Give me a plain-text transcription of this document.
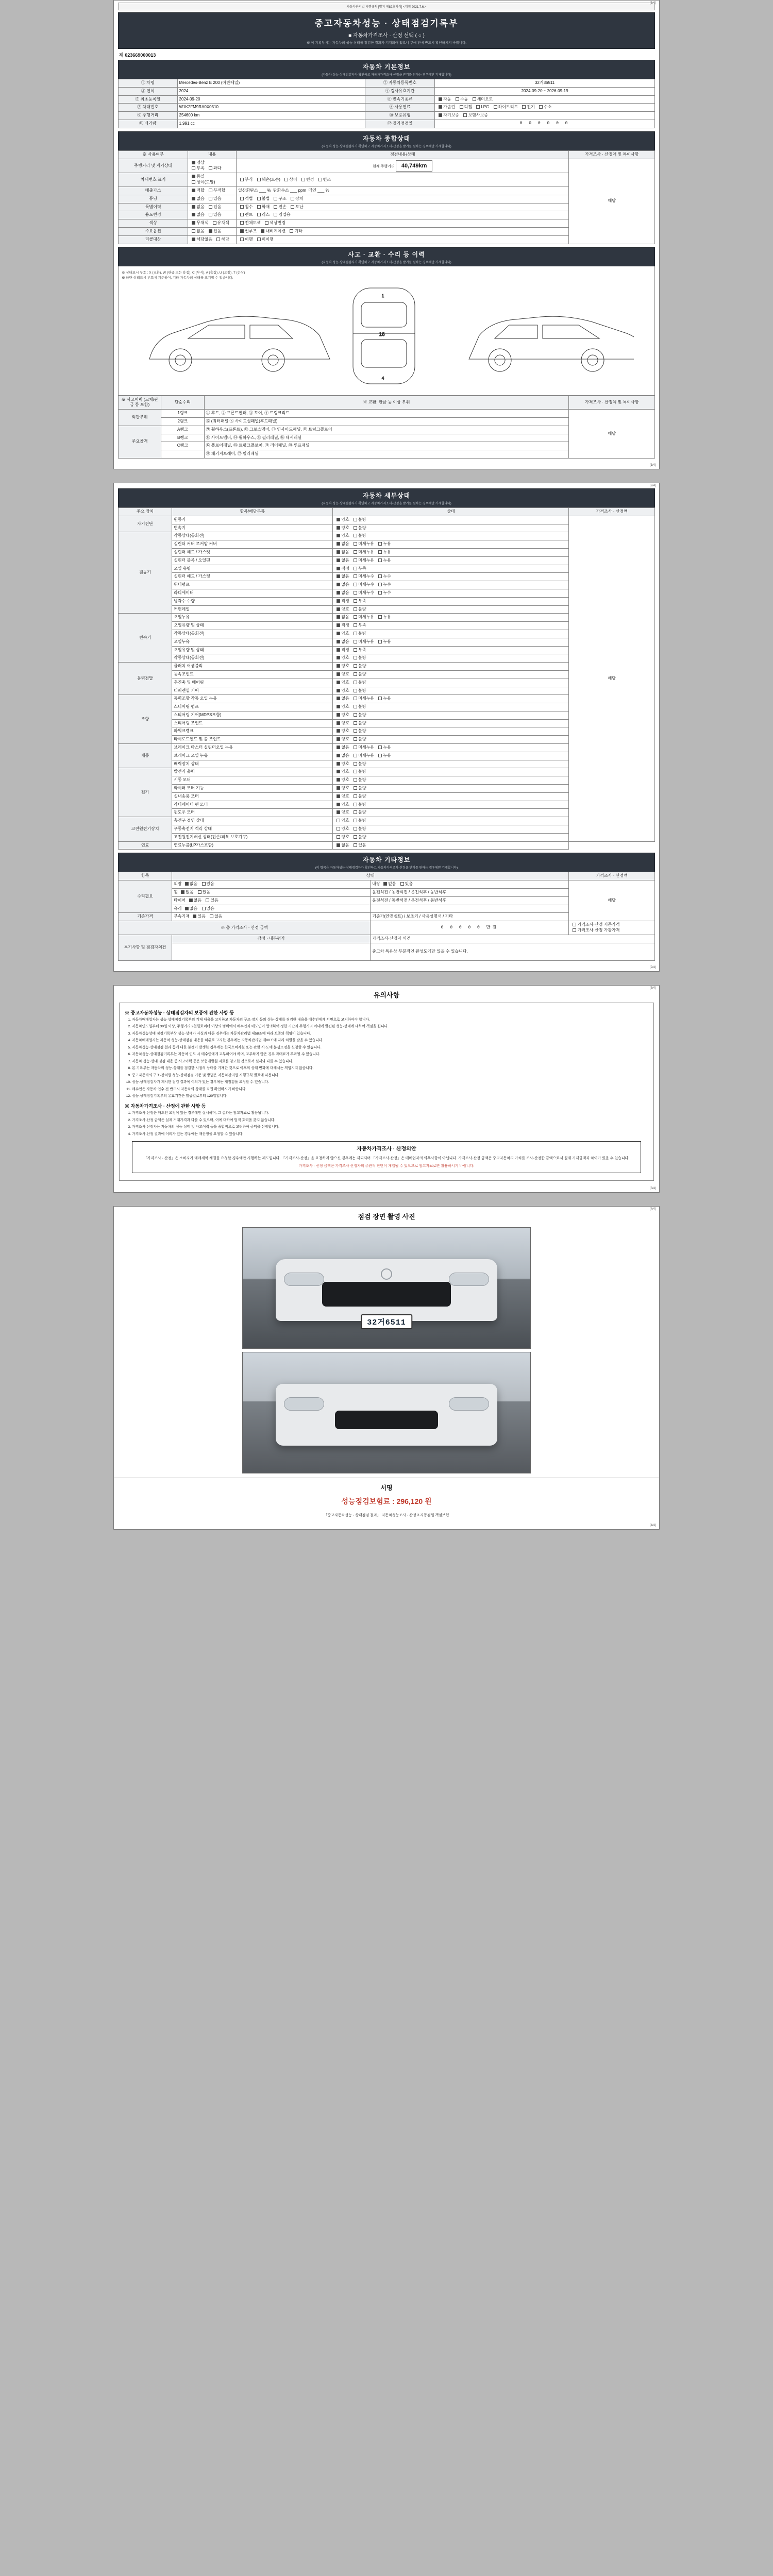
(1/4)
자동차관리법 시행규칙 [별지 제82호서식] <개정 2021.7.6.>
중고자동차성능 · 상태점검기록부
■ 자동차가격조사 · 산정 선택 ( ○ )
※ 이 기록부에는 자동차의 성능·상태를 점검한 결과가 기재되어 있으니 구매 전에 반드시 확인하시기 바랍니다.
제 023669000013
자동차 기본정보
(자동차 성능·상태점검자가 확인하고 자동차가격조사·산정을 받기를 원하는 경우에만 기재합니다)
① 차명	Mercedes-Benz E 200 (아반떼일)	② 자동차등록번호	32거36511
③ 연식	2024	④ 검사유효기간	2024-09-20 ~ 2026-09-19
⑤ 최초등록일	2024-09-20	⑥ 변속기종류	자동 수동 세미오토
⑦ 차대번호	W1K2FM9RA0X0510	⑧ 사용연료	가솔린 디젤 LPG 하이브리드 전기 수소
⑨ 주행거리	254600 km	⑩ 보증유형	자기보증 보험사보증
⑪ 배기량	1,991 cc	⑫ 정기점검일	0 0 0 0 0 0
자동차 종합상태
(자동차 성능·상태점검자가 확인하고 자동차가격조사·산정을 받기를 원하는 경우에만 기재합니다)
※ 사용여부	내용	점검내용/상태	가격조사 · 산정액 및 특이사항
주행거리 및 계기상태	정상
부족 과다	현재 주행거리 40,749km	해당
차대번호 표기	동일
상이(도말)	부식 훼손(오손) 상이 변경 변조	
배출가스	적합 부적합	일산화탄소 ___ % 탄화수소 ___ ppm 매연 ___ %	
튜닝	없음 있음	적법 불법 구조 장치	
특별이력	없음 있음	침수 화재 전손 도난	
용도변경	없음 있음	렌트 리스 영업용	
색상	무채색 유채색	전체도색 색상변경	
주요옵션	없음 있음	썬루프 내비게이션 기타	
리콜대상	해당없음 해당	이행 미이행	
사고 · 교환 · 수리 등 이력
(자동차 성능·상태점검자가 확인하고 자동차가격조사·산정을 받기를 원하는 경우에만 기재합니다)
※ 상태표시 부호 : X (교환), W (판금 또는 용접), C (부식), A (흠집), U (요철), T (손상)
※ 하단 상태표시 부호에 기준하여, 기타 자동차의 상태를 표기할 수 있습니다.
16
1
4
※ 사고이력 (교체/판금 등 포함)	단순수리	※ 교환, 판금 등 이상 부위	가격조사 · 산정액 및 특이사항
외판부위	1랭크	① 후드, ② 프론트펜더, ③ 도어, ④ 트렁크리드	해당
	2랭크	⑤ (쿼터패널 ⑥ 사이드실패널(후드패널)	
주요골격	A랭크	⑨ 휠하우스(프론트), ⑩ 크로스멤버, ⑪ 인사이드패널, ⑫ 트렁크플로어	
	B랭크	⑬ 사이드멤버, ⑭ 휠하우스, ⑮ 필러패널, ⑯ 대시패널	
	C랭크	⑰ 플로어패널, ⑱ 트렁크플로어, ⑲ 리어패널, ⑳ 루프패널	
		㉑ 패키지트레이, ㉒ 필러패널	
(1/4)
(2/4)
자동차 세부상태
(자동차 성능·상태점검자가 확인하고 자동차가격조사·산정을 받기를 원하는 경우에만 기재합니다)
주요 장치	항목/해당부품	상태	가격조사 · 산정액
자기진단	원동기	양호 불량	해당
	변속기	양호 불량	
원동기	작동상태(공회전)	양호 불량	
	실린더 커버 로커암 커버	없음 미세누유 누유	
	실린더 헤드 / 가스켓	없음 미세누유 누유	
	실린더 블록 / 오일팬	없음 미세누유 누유	
	오일 유량	적정 부족	
	실린더 헤드 / 가스켓	없음 미세누수 누수	
	워터펌프	없음 미세누수 누수	
	라디에이터	없음 미세누수 누수	
	냉각수 수량	적정 부족	
	커먼레일	양호 불량	
변속기	오일누유	없음 미세누유 누유	
	오일유량 및 상태	적정 부족	
	작동상태(공회전)	양호 불량	
	오일누유	없음 미세누유 누유	
	오일유량 및 상태	적정 부족	
	작동상태(공회전)	양호 불량	
동력전달	클러치 어셈블리	양호 불량	
	등속조인트	양호 불량	
	추진축 및 베어링	양호 불량	
	디퍼렌셜 기어	양호 불량	
조향	동력조향 작동 오일 누유	없음 미세누유 누유	
	스티어링 펌프	양호 불량	
	스티어링 기어(MDPS포함)	양호 불량	
	스티어링 조인트	양호 불량	
	파워크랭크	양호 불량	
	타이로드엔드 및 볼 조인트	양호 불량	
제동	브레이크 마스터 실린더오일 누유	없음 미세누유 누유	
	브레이크 오일 누유	없음 미세누유 누유	
	배력장치 상태	양호 불량	
전기	발전기 출력	양호 불량	
	시동 모터	양호 불량	
	와이퍼 모터 기능	양호 불량	
	실내송풍 모터	양호 불량	
	라디에이터 팬 모터	양호 불량	
	윈도우 모터	양호 불량	
고전원전기장치	충전구 절연 상태	양호 불량	
	구동축전지 격리 상태	양호 불량	
	고전원전기배선 상태(접손/피복 보호기구)	양호 불량	
연료	연료누출(LP가스포함)	없음 있음	
자동차 기타정보
(이 항목은 자동차성능·상태점검자가 확인하고 자동차가격조사·산정을 받기를 원하는 경우에만 기재합니다)
항목	상태		가격조사 · 산정액
수리필요	외장 없음 있음	내장 없음 있음	해당
	휠 없음 있음	운전석전 / 동반석전 / 운전석후 / 동반석후	
	타이어 없음 있음	운전석전 / 동반석전 / 운전석후 / 동반석후	
	유리 없음 있음		
기준가격	부속기재 있음 없음	기준가(안전벨트) / 보조키 / 사용설명서 / 기타	
※ 총 가격조사 · 산정 금액		0 0 0 0 0 만원	가격조사·산정 기준가격 가격조사·산정 가감가격
특기사항 및 점검자의견	감정 · 내부평가	가격조사·산정자 의견	
		중고차 특유상 부분적인 완성도에만 있을 수 있습니다.	
(2/4)
(3/4)
유의사항
※ 중고자동차성능 · 상태점검자의 보증에 관한 사항 등
1. 자동차매매업자는 성능·상태점검기록부의 기재 내용을 고지하고 자동차의 구조·장치 등의 성능·상태를 점검한 내용을 매수인에게 서면으로 고지하여야 합니다.
2. 자동차인도일부터 30일 이상, 주행거리 2천킬로미터 이상의 범위에서 매수인과 매도인이 협의하여 정한 기간과 주행거리 이내에 발견된 성능·상태에 대하여 책임을 집니다.
3. 자동차성능상태 점검기록부상 성능·상태가 사실과 다른 경우에는 자동차관리법 제58조에 따라 보증의 책임이 있습니다.
4. 자동차매매업자는 자동차 성능·상태점검 내용을 허위로 고지한 경우에는 자동차관리법 제80조에 따라 처벌을 받을 수 있습니다.
5. 자동차성능·상태점검 결과 등에 대한 분쟁이 발생한 경우에는 한국소비자원 또는 관할 시·도에 분쟁조정을 신청할 수 있습니다.
6. 자동차성능·상태점검기록부는 자동차 인도 시 매수인에게 교부하여야 하며, 교부하지 않은 경우 과태료가 부과될 수 있습니다.
7. 자동차 성능·상태 점검 내용 중 사고이력 등은 보험개발원 자료를 참고한 것으로서 실제와 다를 수 있습니다.
8. 본 기록부는 자동차의 성능·상태를 점검한 시점의 상태를 기재한 것으로 이후의 상태 변화에 대해서는 책임지지 않습니다.
9. 중고자동차의 구조·장치별 성능·상태점검 기준 및 방법은 자동차관리법 시행규칙 별표에 따릅니다.
10. 성능·상태점검자가 제시한 점검 결과에 이의가 있는 경우에는 재점검을 요청할 수 있습니다.
11. 매수인은 자동차 인수 전 반드시 자동차의 상태를 직접 확인하시기 바랍니다.
12. 성능·상태점검기록부의 유효기간은 발급일로부터 120일입니다.
※ 자동차가격조사 · 산정에 관한 사항 등
1. 가격조사·산정은 매도인 요청이 있는 경우에만 실시하며, 그 결과는 참고자료로 활용됩니다.
2. 가격조사·산정 금액은 실제 거래가격과 다를 수 있으며, 이에 대하여 법적 효력을 갖지 않습니다.
3. 가격조사·산정자는 자동차의 성능·상태 및 사고이력 등을 종합적으로 고려하여 금액을 산정합니다.
4. 가격조사·산정 결과에 이의가 있는 경우에는 재산정을 요청할 수 있습니다.
자동차가격조사 · 산정의안
「가격조사 · 산정」은 소비자가 매매계약 체결을 요청할 경우에만 시행하는 제도입니다. 「가격조사·산정」을 요청하지 않으신 경우에는 제외되며 「가격조사·산정」은 매매업자의 의무사항이 아닙니다. 가격조사·산정 금액은 중고자동차의 가치를 조사·산정한 금액으로서 실제 거래금액과 차이가 있을 수 있습니다.
가격조사 · 산정 금액은 가격조사 산정자의 주관적 판단이 개입될 수 있으므로 참고자료로만 활용하시기 바랍니다.
(3/4)
(4/4)
점검 장면 촬영 사진
32거6511
서명
성능점검보험료 : 296,120 원
「중고자동차성능 · 상태점검 결과」 자동차성능조사 · 산정 3 자동검원 책임보험
(4/4)
